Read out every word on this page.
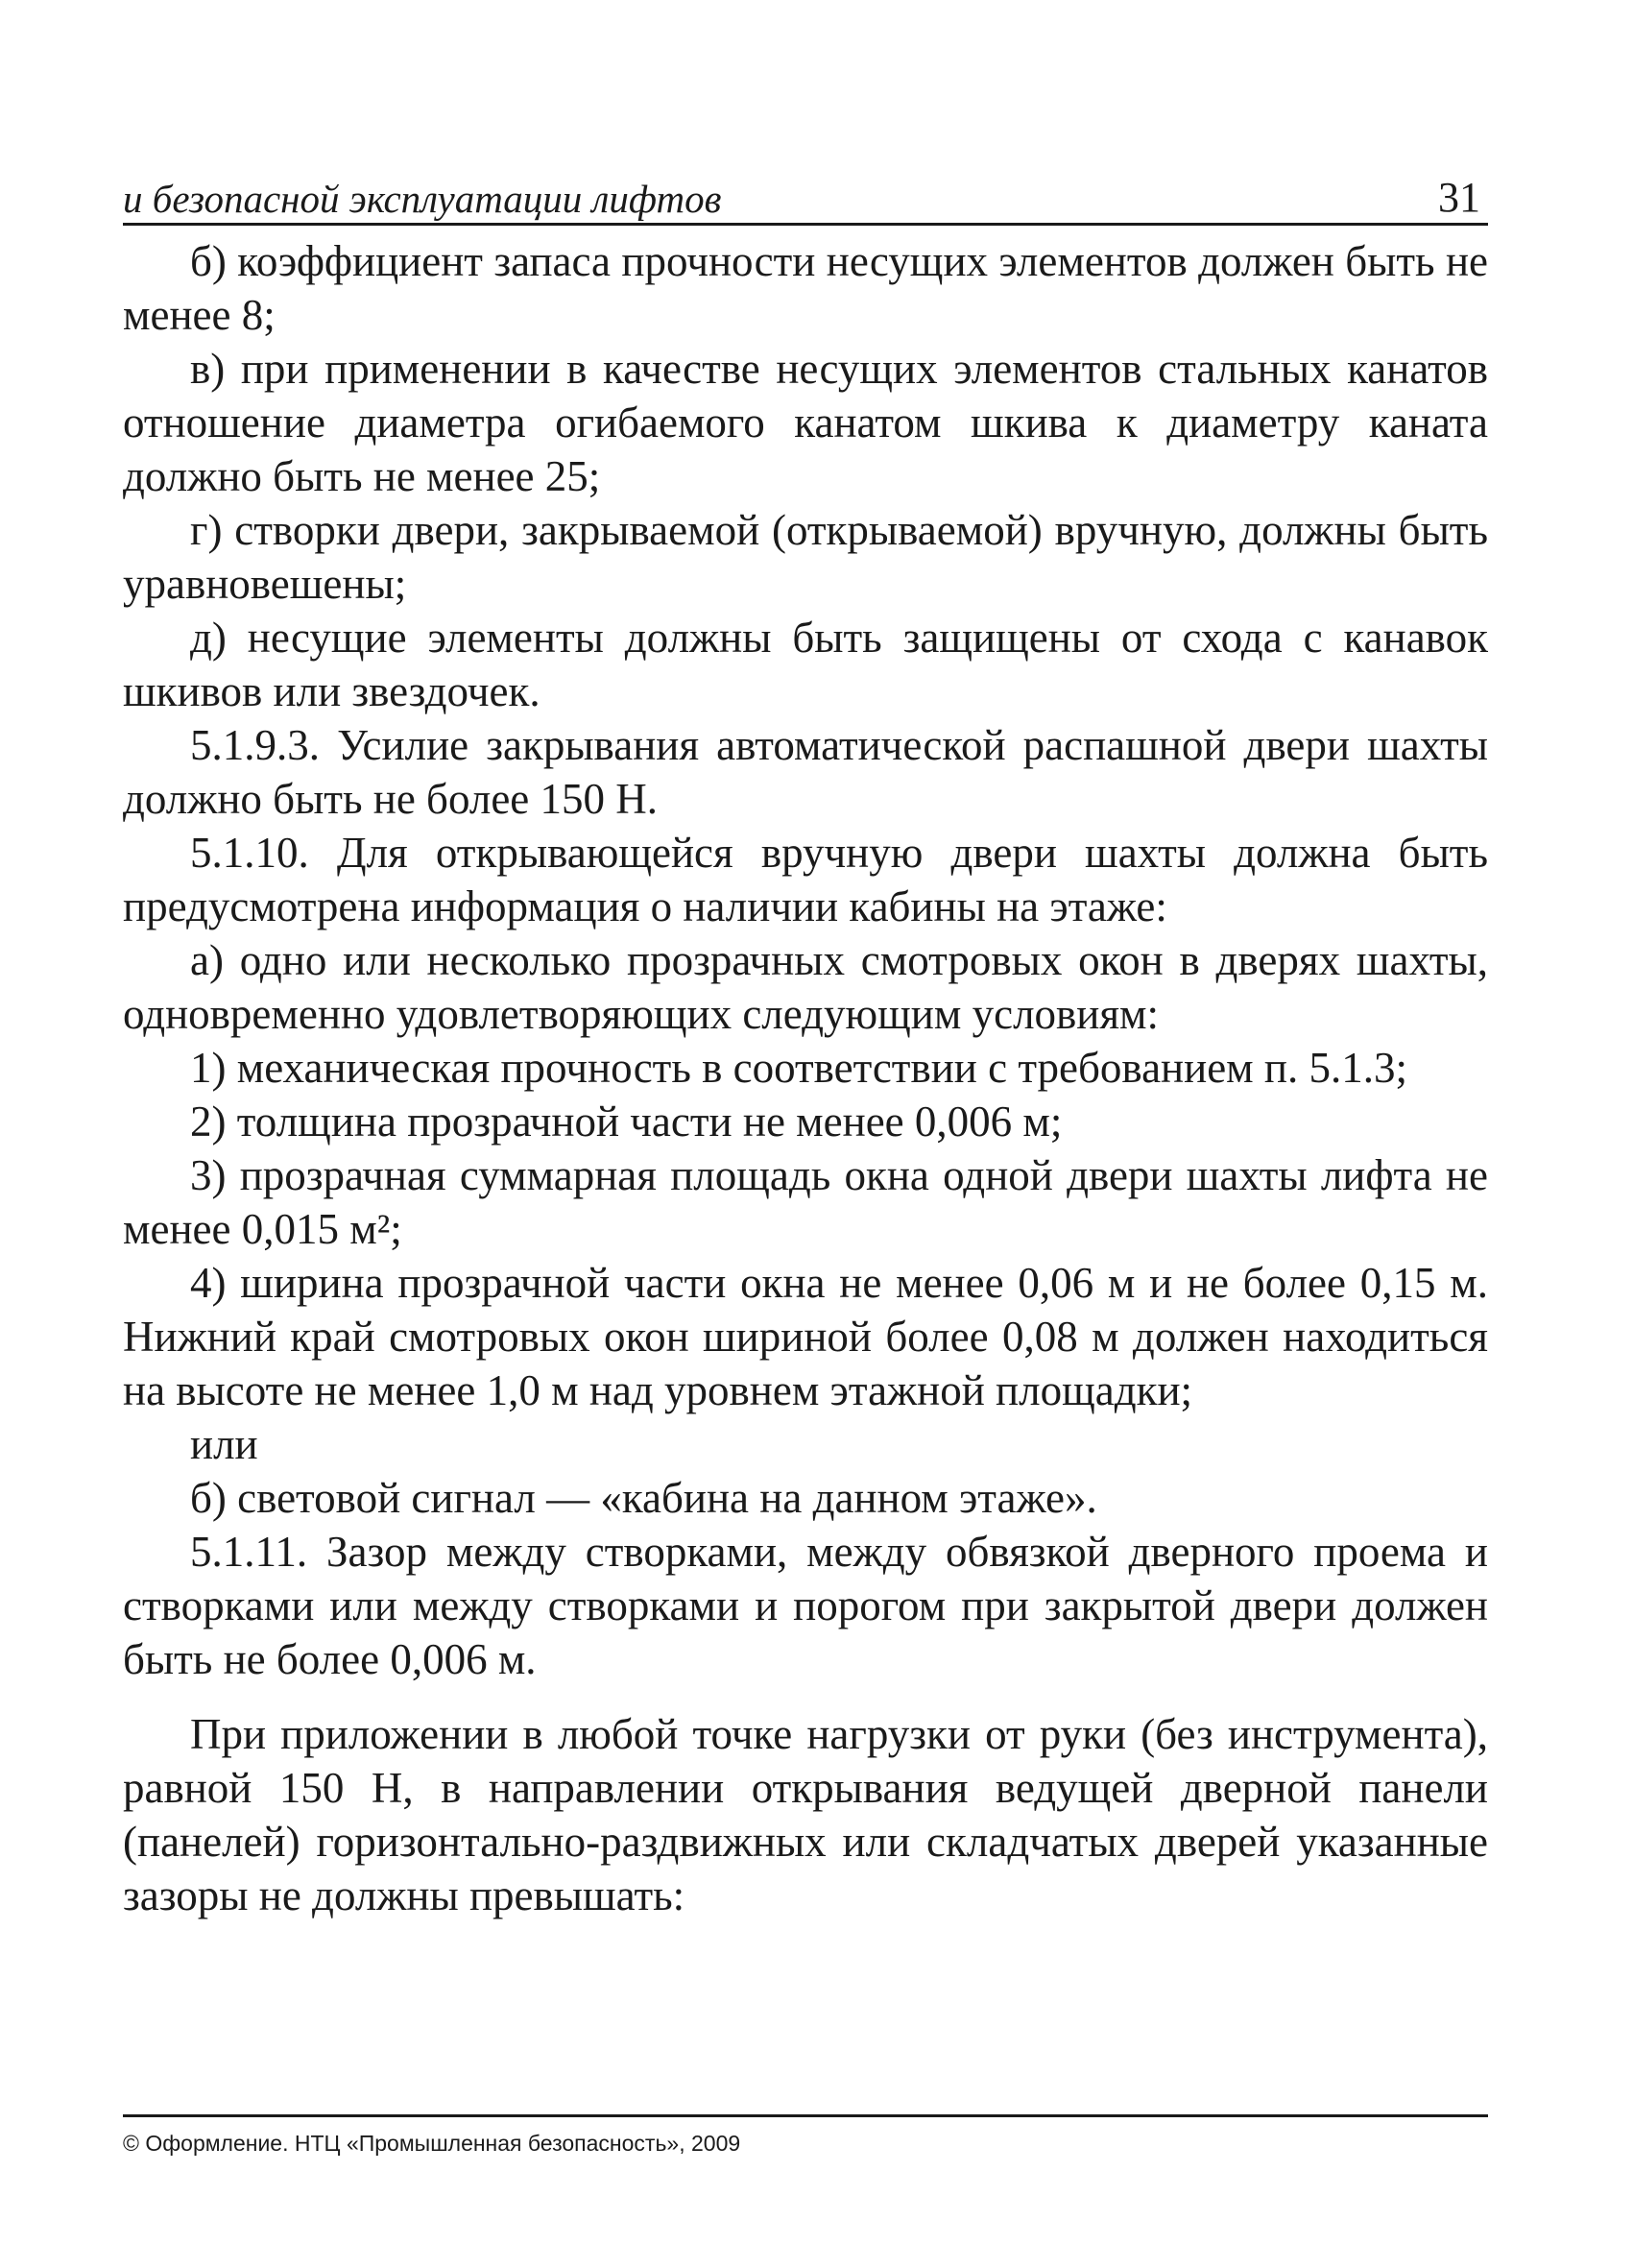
и безопасной эксплуатации лифтов	31

б) коэффициент запаса прочности несущих элементов должен быть не менее 8;

в) при применении в качестве несущих элементов стальных канатов отношение диаметра огибаемого канатом шкива к диаметру каната должно быть не менее 25;

г) створки двери, закрываемой (открываемой) вручную, должны быть уравновешены;

д) несущие элементы должны быть защищены от схода с канавок шкивов или звездочек.

5.1.9.3. Усилие закрывания автоматической распашной двери шахты должно быть не более 150 Н.

5.1.10. Для открывающейся вручную двери шахты должна быть предусмотрена информация о наличии кабины на этаже:

а) одно или несколько прозрачных смотровых окон в дверях шахты, одновременно удовлетворяющих следующим условиям:

1) механическая прочность в соответствии с требованием п. 5.1.3;

2) толщина прозрачной части не менее 0,006 м;

3) прозрачная суммарная площадь окна одной двери шахты лифта не менее 0,015 м²;

4) ширина прозрачной части окна не менее 0,06 м и не более 0,15 м. Нижний край смотровых окон шириной более 0,08 м должен находиться на высоте не менее 1,0 м над уровнем этажной площадки;

или

б) световой сигнал — «кабина на данном этаже».

5.1.11. Зазор между створками, между обвязкой дверного проема и створками или между створками и порогом при закрытой двери должен быть не более 0,006 м.

При приложении в любой точке нагрузки от руки (без инструмента), равной 150 Н, в направлении открывания ведущей дверной панели (панелей) горизонтально-раздвижных или складчатых дверей указанные зазоры не должны превышать:

© Оформление. НТЦ «Промышленная безопасность», 2009
